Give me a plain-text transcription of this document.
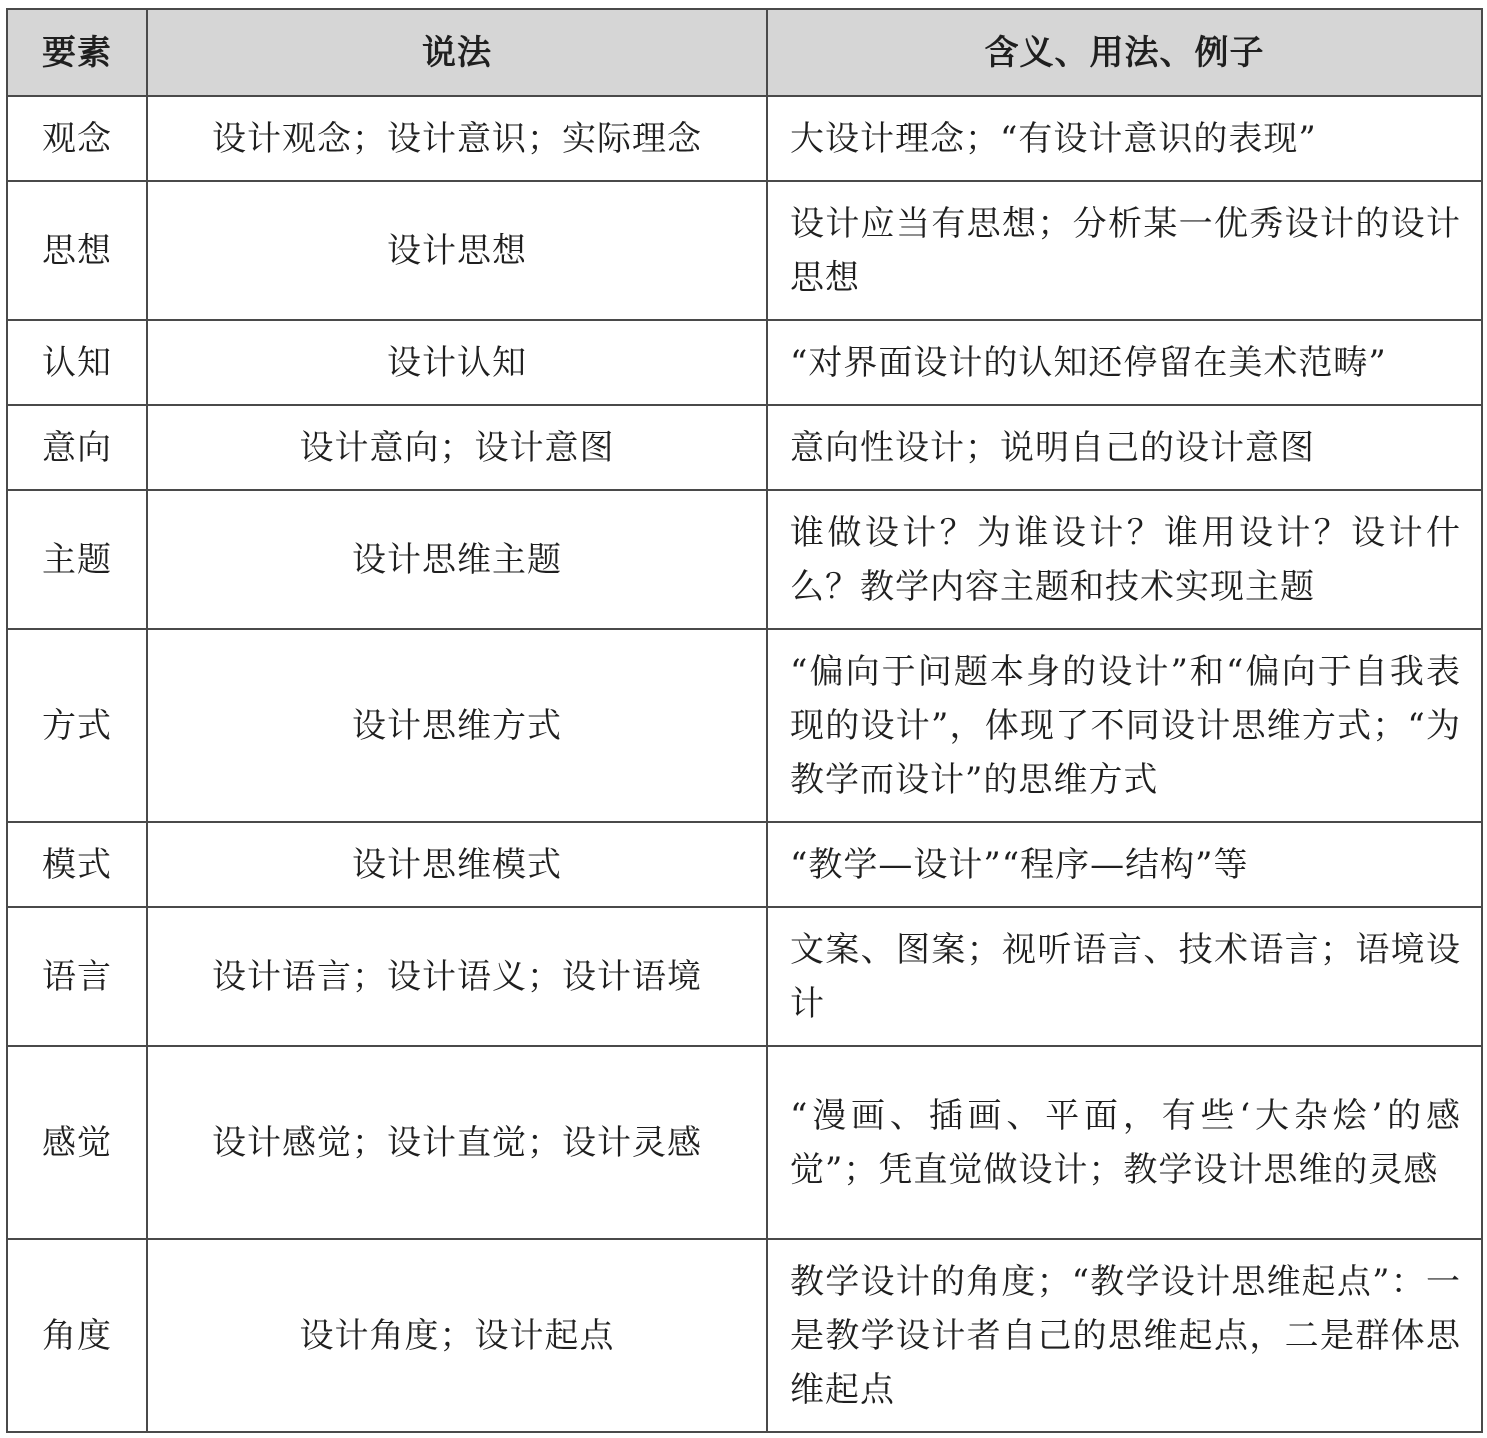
要素	说法	含义、用法、例子
观念	设计观念；设计意识；实际理念	大设计理念；“有设计意识的表现”
思想	设计思想	设计应当有思想；分析某一优秀设计的设计思想
认知	设计认知	“对界面设计的认知还停留在美术范畴”
意向	设计意向；设计意图	意向性设计；说明自己的设计意图
主题	设计思维主题	谁做设计？为谁设计？谁用设计？设计什么？教学内容主题和技术实现主题
方式	设计思维方式	“偏向于问题本身的设计”和“偏向于自我表现的设计”，体现了不同设计思维方式；“为教学而设计”的思维方式
模式	设计思维模式	“教学—设计”“程序—结构”等
语言	设计语言；设计语义；设计语境	文案、图案；视听语言、技术语言；语境设计
感觉	设计感觉；设计直觉；设计灵感	“漫画、插画、平面，有些‘大杂烩’的感觉”；凭直觉做设计；教学设计思维的灵感
角度	设计角度；设计起点	教学设计的角度；“教学设计思维起点”：一是教学设计者自己的思维起点，二是群体思维起点
